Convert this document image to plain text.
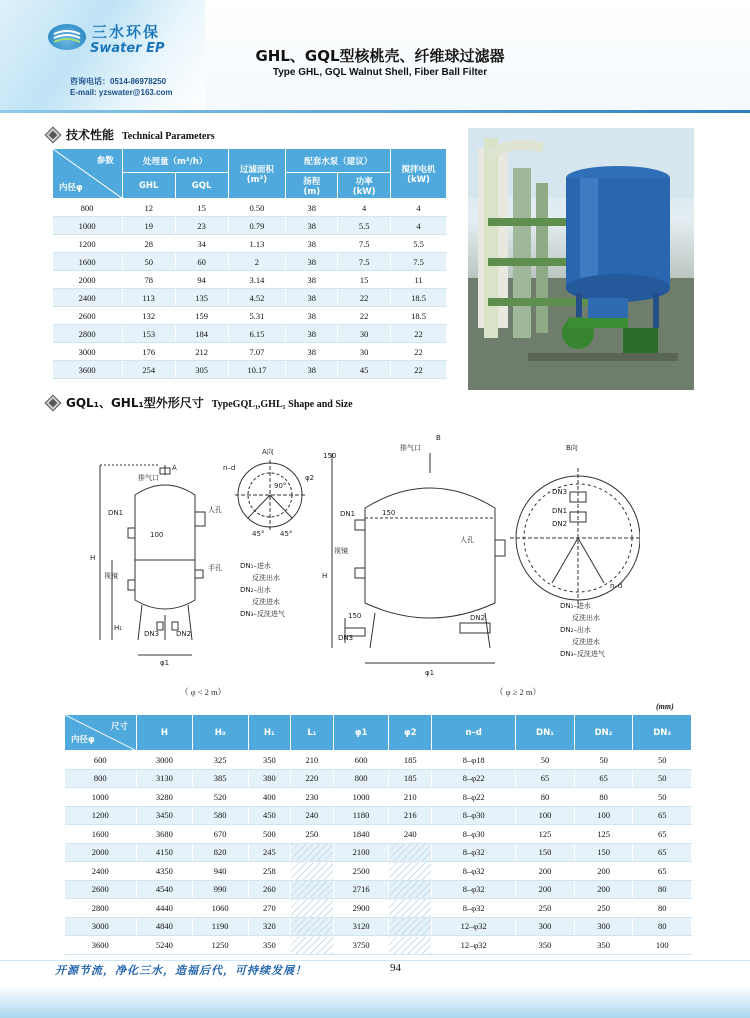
三水环保
Swater EP
咨询电话：0514-86978250
E-mail: yzswater@163.com
GHL、GQL型核桃壳、纤维球过滤器
Type GHL, GQL Walnut Shell, Fiber Ball Filter
技术性能 Technical Parameters
参数
内径φ	处理量（m³/h）		过滤面积
(m²)	配套水泵（建议）		搅拌电机
(kW)
	GHL	GQL		扬程
(m)	功率
(kW)	
800	12	15	0.50	38	4	4
1000	19	23	0.79	38	5.5	4
1200	28	34	1.13	38	7.5	5.5
1600	50	60	2	38	7.5	7.5
2000	78	94	3.14	38	15	11
2400	113	135	4.52	38	22	18.5
2600	132	159	5.31	38	22	18.5
2800	153	184	6.15	38	30	22
3000	176	212	7.07	38	30	22
3600	254	305	10.17	38	45	22
GQL₁、GHL₁型外形尺寸 TypeGQL₁,GHL₁ Shape and Size
排气口
A
DN1
100
人孔
手孔
视镜
H
H₁
DN3 DN2
φ1
A向
n–d
90°
45° 45°
φ2
DN₁–进水
反洗出水
DN₂–出水
反洗进水
DN₃–反洗进气
（ φ < 2 m）
排气口
B
B向
150
150
150
DN1
人孔
视镜
H
DN3
DN2
φ1
n–d
DN3
DN1
DN2
DN₁–进水
反洗出水
DN₂–出水
反洗进水
DN₃–反洗进气
（ φ ≥ 2 m）
(mm)
尺寸
内径φ	H	H₀	H₁	L₁	φ1	φ2	n–d	DN₁	DN₂	DN₃
600	3000	325	350	210	600	185	8–φ18	50	50	50
800	3130	385	380	220	800	185	8–φ22	65	65	50
1000	3280	520	400	230	1000	210	8–φ22	80	80	50
1200	3450	580	450	240	1180	216	8–φ30	100	100	65
1600	3680	670	500	250	1840	240	8–φ30	125	125	65
2000	4150	820	245		2100		8–φ32	150	150	65
2400	4350	940	258		2500		8–φ32	200	200	65
2600	4540	990	260		2716		8–φ32	200	200	80
2800	4440	1060	270		2900		8–φ32	250	250	80
3000	4840	1190	320		3120		12–φ32	300	300	80
3600	5240	1250	350		3750		12–φ32	350	350	100
开源节流，净化三水，造福后代，可持续发展！	94
